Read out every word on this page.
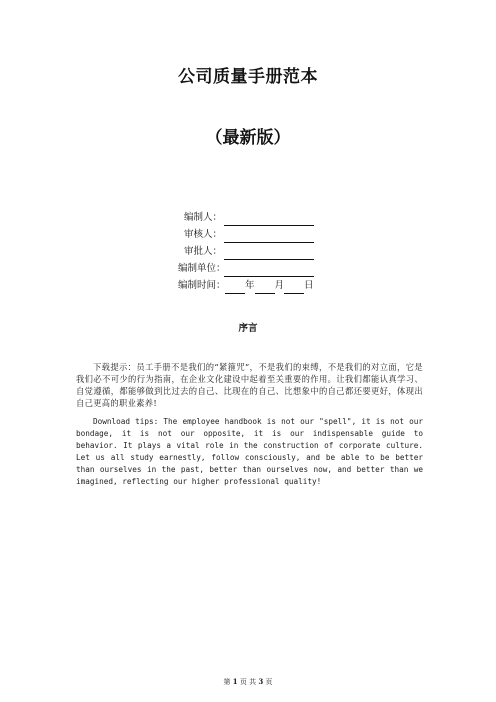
公司质量手册范本
（最新版）
编制人：
审核人：
审批人：
编制单位：
编制时间： 年 月 日
序言

下载提示：员工手册不是我们的“紧箍咒”，不是我们的束缚，不是我们的对立面，它是我们必不可少的行为指南，在企业文化建设中起着至关重要的作用。让我们都能认真学习、自觉遵循，都能够做到比过去的自己、比现在的自己、比想象中的自己都还要更好，体现出自己更高的职业素养!

Download tips: The employee handbook is not our "spell", it is not our bondage, it is not our opposite, it is our indispensable guide to behavior. It plays a vital role in the construction of corporate culture. Let us all study earnestly, follow consciously, and be able to be better than ourselves in the past, better than ourselves now, and better than we imagined, reflecting our higher professional quality!

第 1 页 共 3 页
